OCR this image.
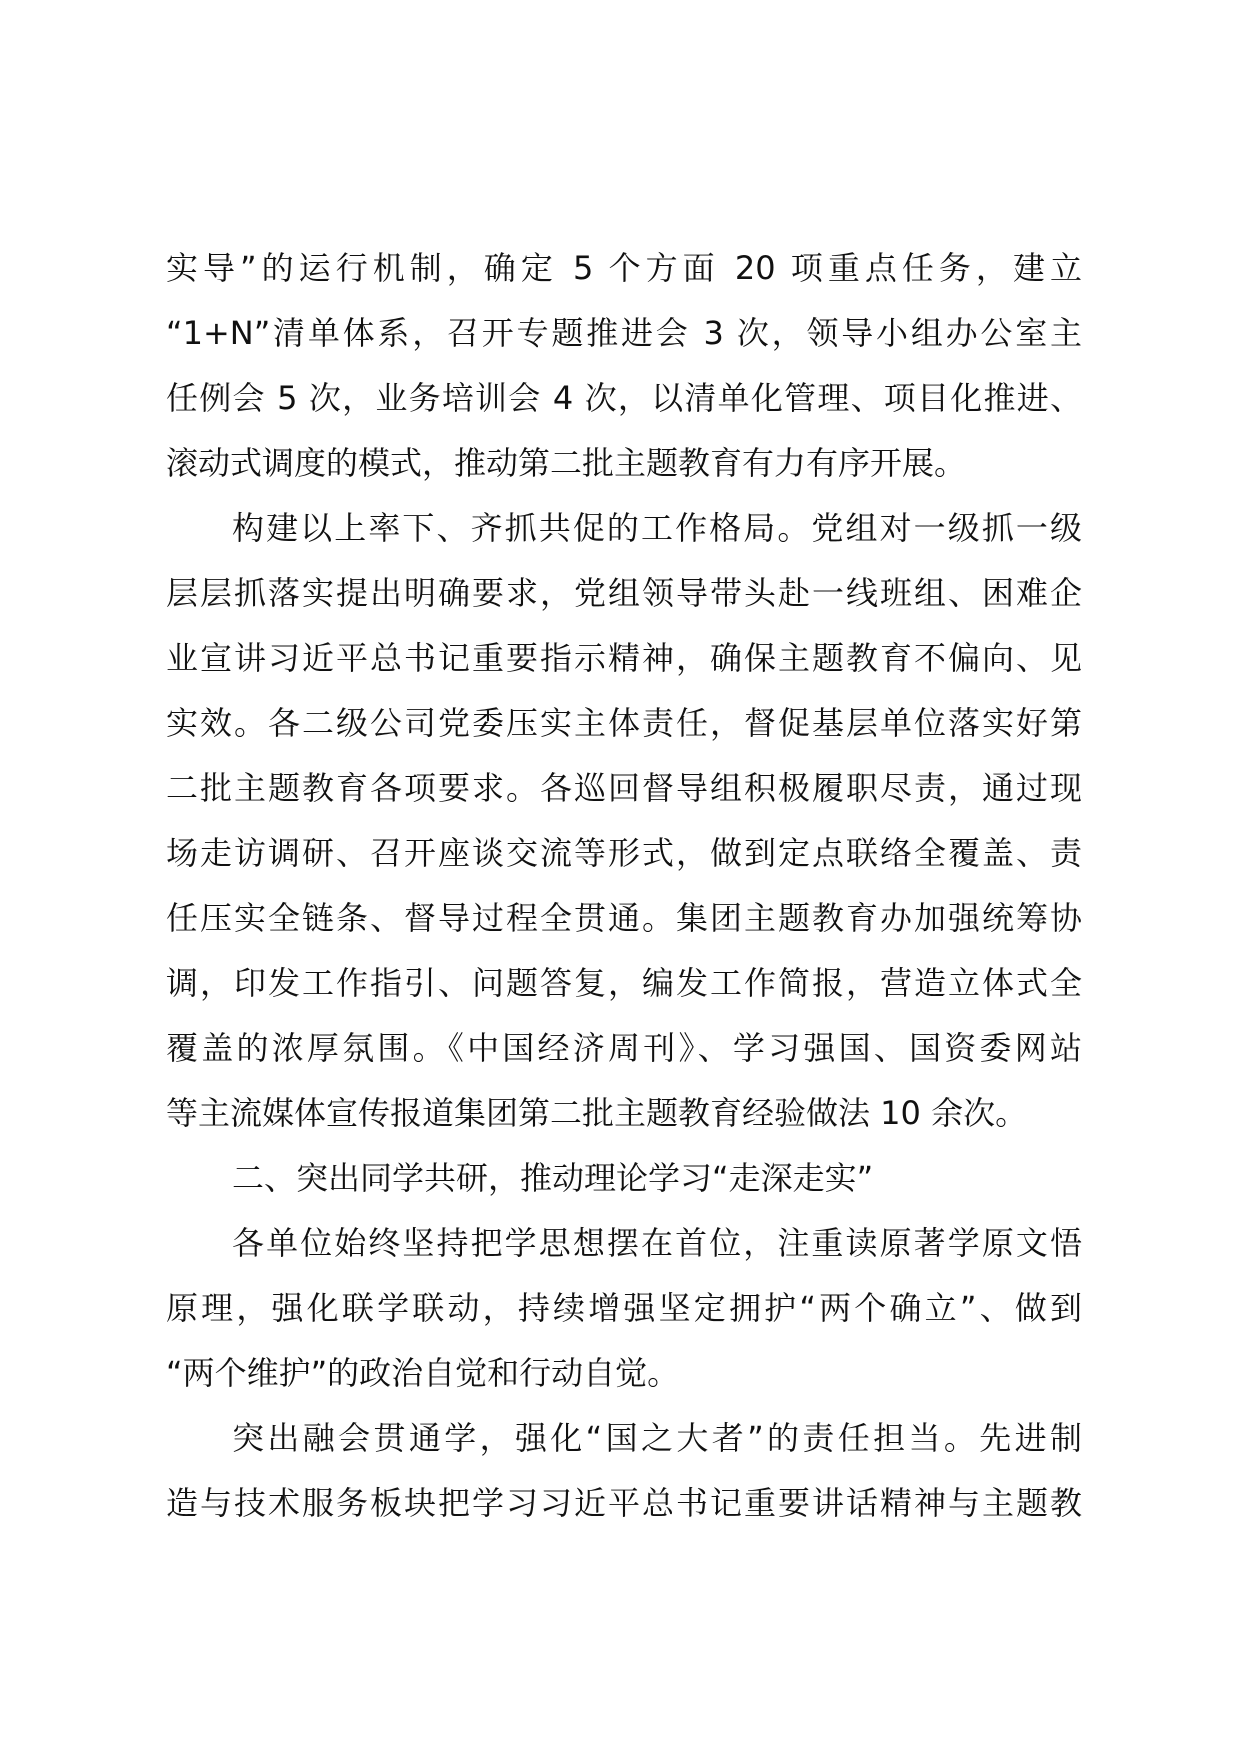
实导”的运行机制，确定 5 个方面 20 项重点任务，建立
“1+N”清单体系，召开专题推进会 3 次，领导小组办公室主
任例会 5 次，业务培训会 4 次，以清单化管理、项目化推进、
滚动式调度的模式，推动第二批主题教育有力有序开展。
构建以上率下、齐抓共促的工作格局。党组对一级抓一级
层层抓落实提出明确要求，党组领导带头赴一线班组、困难企
业宣讲习近平总书记重要指示精神，确保主题教育不偏向、见
实效。各二级公司党委压实主体责任，督促基层单位落实好第
二批主题教育各项要求。各巡回督导组积极履职尽责，通过现
场走访调研、召开座谈交流等形式，做到定点联络全覆盖、责
任压实全链条、督导过程全贯通。集团主题教育办加强统筹协
调，印发工作指引、问题答复，编发工作简报，营造立体式全
覆盖的浓厚氛围。《中国经济周刊》、学习强国、国资委网站
等主流媒体宣传报道集团第二批主题教育经验做法 10 余次。
二、突出同学共研，推动理论学习“走深走实”
各单位始终坚持把学思想摆在首位，注重读原著学原文悟
原理，强化联学联动，持续增强坚定拥护“两个确立”、做到
“两个维护”的政治自觉和行动自觉。
突出融会贯通学，强化“国之大者”的责任担当。先进制
造与技术服务板块把学习习近平总书记重要讲话精神与主题教
